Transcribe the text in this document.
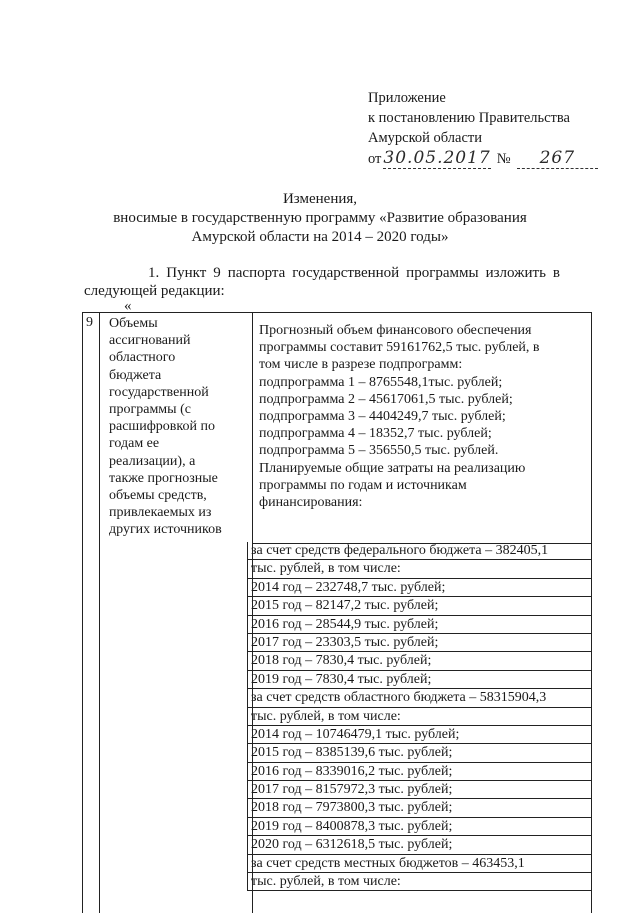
Приложение
к постановлению Правительства
Амурской области
от 30.05.2017 №	267
Изменения,
вносимые в государственную программу «Развитие образования
Амурской области на 2014 – 2020 годы»
1. Пункт 9 паспорта государственной программы изложить в следующей редакции:
«
9 Объемы
ассигнований
областного
бюджета
государственной
программы (с
расшифровкой по
годам ее
реализации), а
также прогнозные
объемы средств,
привлекаемых из
других источников
Прогнозный объем финансового обеспечения
программы составит 59161762,5 тыс. рублей, в
том числе в разрезе подпрограмм:
подпрограмма 1 – 8765548,1тыс. рублей;
подпрограмма 2 – 45617061,5 тыс. рублей;
подпрограмма 3 – 4404249,7 тыс. рублей;
подпрограмма 4 – 18352,7 тыс. рублей;
подпрограмма 5 – 356550,5 тыс. рублей.
Планируемые общие затраты на реализацию
программы по годам и источникам
финансирования:
за счет средств федерального бюджета – 382405,1
тыс. рублей, в том числе:
2014 год – 232748,7 тыс. рублей;
2015 год – 82147,2 тыс. рублей;
2016 год – 28544,9 тыс. рублей;
2017 год – 23303,5 тыс. рублей;
2018 год – 7830,4 тыс. рублей;
2019 год – 7830,4 тыс. рублей;
за счет средств областного бюджета – 58315904,3
тыс. рублей, в том числе:
2014 год – 10746479,1 тыс. рублей;
2015 год – 8385139,6 тыс. рублей;
2016 год – 8339016,2 тыс. рублей;
2017 год – 8157972,3 тыс. рублей;
2018 год – 7973800,3 тыс. рублей;
2019 год – 8400878,3 тыс. рублей;
2020 год – 6312618,5 тыс. рублей;
за счет средств местных бюджетов – 463453,1
тыс. рублей, в том числе:
